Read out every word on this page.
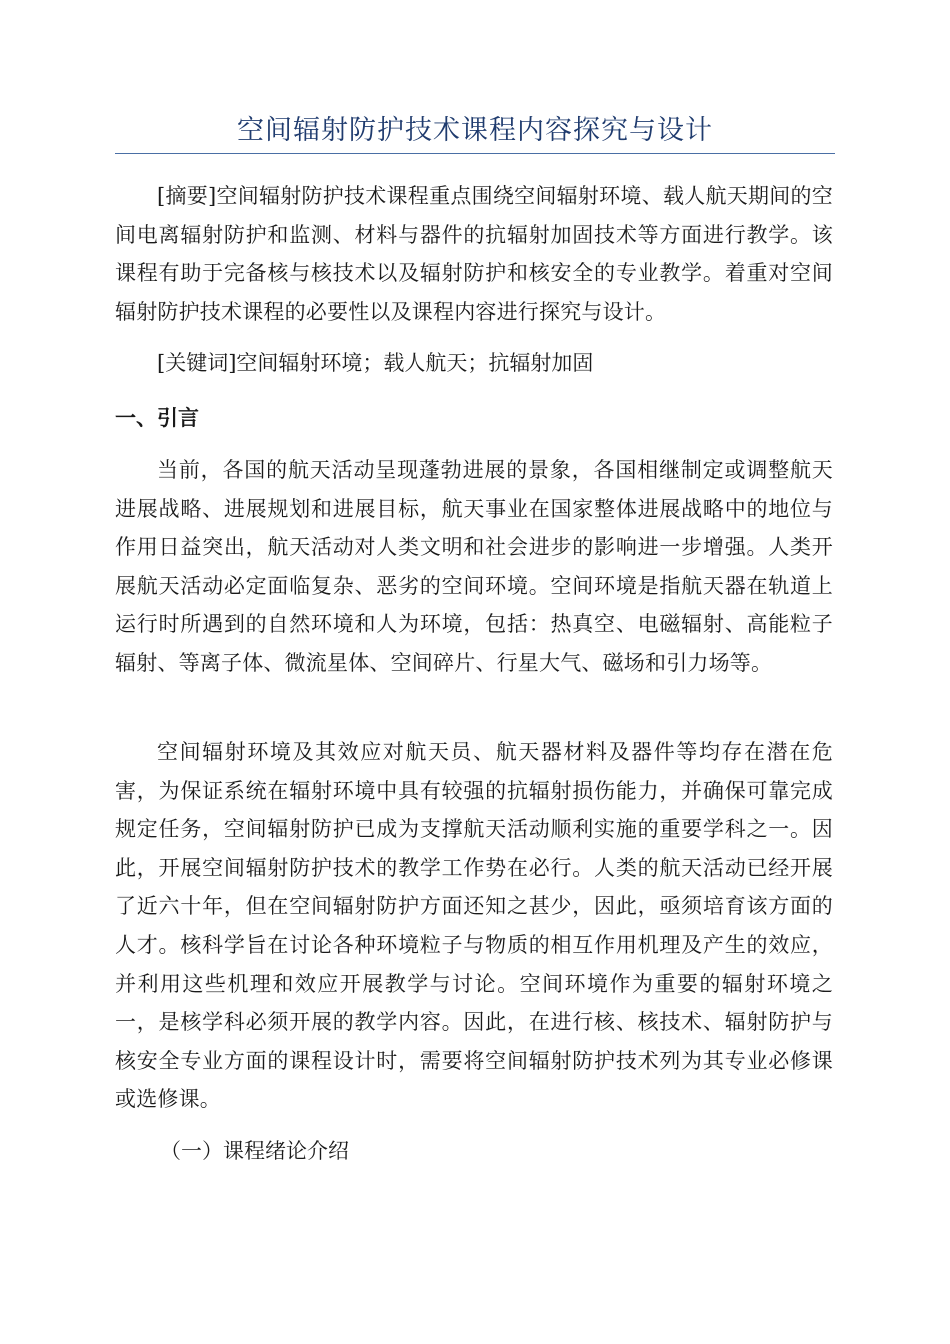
空间辐射防护技术课程内容探究与设计

[摘要]空间辐射防护技术课程重点围绕空间辐射环境、载人航天期间的空间电离辐射防护和监测、材料与器件的抗辐射加固技术等方面进行教学。该课程有助于完备核与核技术以及辐射防护和核安全的专业教学。着重对空间辐射防护技术课程的必要性以及课程内容进行探究与设计。

[关键词]空间辐射环境；载人航天；抗辐射加固

一、引言

当前，各国的航天活动呈现蓬勃进展的景象，各国相继制定或调整航天进展战略、进展规划和进展目标，航天事业在国家整体进展战略中的地位与作用日益突出，航天活动对人类文明和社会进步的影响进一步增强。人类开展航天活动必定面临复杂、恶劣的空间环境。空间环境是指航天器在轨道上运行时所遇到的自然环境和人为环境，包括：热真空、电磁辐射、高能粒子辐射、等离子体、微流星体、空间碎片、行星大气、磁场和引力场等。

空间辐射环境及其效应对航天员、航天器材料及器件等均存在潜在危害，为保证系统在辐射环境中具有较强的抗辐射损伤能力，并确保可靠完成规定任务，空间辐射防护已成为支撑航天活动顺利实施的重要学科之一。因此，开展空间辐射防护技术的教学工作势在必行。人类的航天活动已经开展了近六十年，但在空间辐射防护方面还知之甚少，因此，亟须培育该方面的人才。核科学旨在讨论各种环境粒子与物质的相互作用机理及产生的效应，并利用这些机理和效应开展教学与讨论。空间环境作为重要的辐射环境之一，是核学科必须开展的教学内容。因此，在进行核、核技术、辐射防护与核安全专业方面的课程设计时，需要将空间辐射防护技术列为其专业必修课或选修课。

（一）课程绪论介绍
